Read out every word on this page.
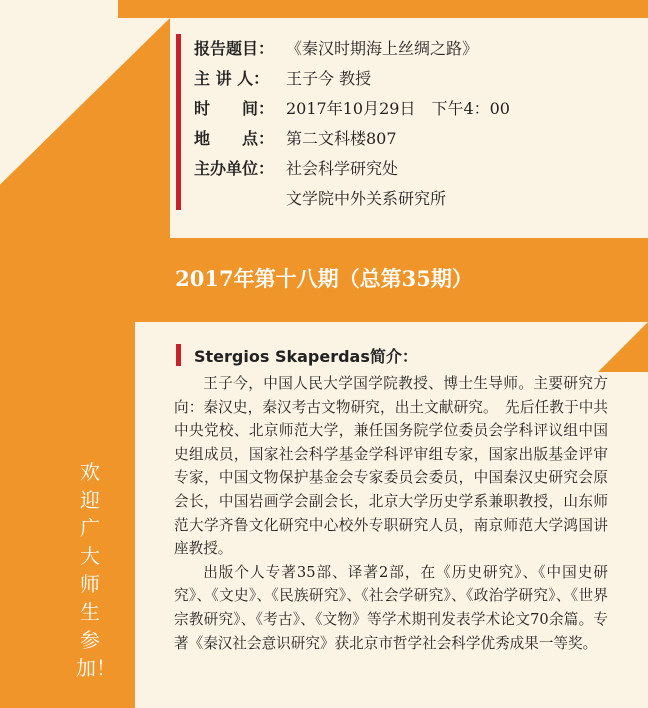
报告题目： 《秦汉时期海上丝绸之路》
主 讲 人： 王子今 教授
时　　间： 2017年10月29日　下午4：00
地　　点： 第二文科楼807
主办单位： 社会科学研究处
文学院中外关系研究所
2017年第十八期（总第35期）
Stergios Skaperdas简介：

王子今，中国人民大学国学院教授、博士生导师。主要研究方向：秦汉史，秦汉考古文物研究，出土文献研究。　先后任教于中共中央党校、北京师范大学，兼任国务院学位委员会学科评议组中国史组成员，国家社会科学基金学科评审组专家，国家出版基金评审专家，中国文物保护基金会专家委员会委员，中国秦汉史研究会原会长，中国岩画学会副会长，北京大学历史学系兼职教授，山东师范大学齐鲁文化研究中心校外专职研究人员，南京师范大学鸿国讲座教授。

出版个人专著35部、译著2部，在《历史研究》、《中国史研究》、《文史》、《民族研究》、《社会学研究》、《政治学研究》、《世界宗教研究》、《考古》、《文物》等学术期刊发表学术论文70余篇。专著《秦汉社会意识研究》获北京市哲学社会科学优秀成果一等奖。

欢迎广大师生参加！
